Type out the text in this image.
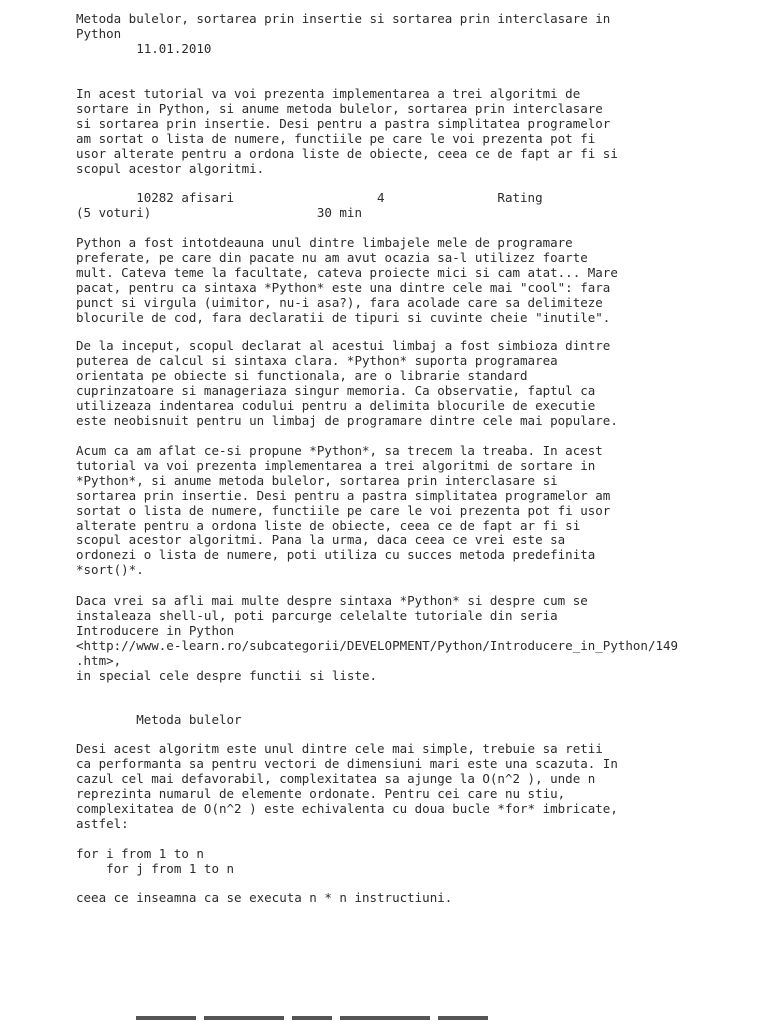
Metoda bulelor, sortarea prin insertie si sortarea prin interclasare in
Python
11.01.2010
In acest tutorial va voi prezenta implementarea a trei algoritmi de
sortare in Python, si anume metoda bulelor, sortarea prin interclasare
si sortarea prin insertie. Desi pentru a pastra simplitatea programelor
am sortat o lista de numere, functiile pe care le voi prezenta pot fi
usor alterate pentru a ordona liste de obiecte, ceea ce de fapt ar fi si
scopul acestor algoritmi.
10282 afisari                   4               Rating
(5 voturi)                      30 min
Python a fost intotdeauna unul dintre limbajele mele de programare
preferate, pe care din pacate nu am avut ocazia sa-l utilizez foarte
mult. Cateva teme la facultate, cateva proiecte mici si cam atat... Mare
pacat, pentru ca sintaxa *Python* este una dintre cele mai "cool": fara
punct si virgula (uimitor, nu-i asa?), fara acolade care sa delimiteze
blocurile de cod, fara declaratii de tipuri si cuvinte cheie "inutile".
De la inceput, scopul declarat al acestui limbaj a fost simbioza dintre
puterea de calcul si sintaxa clara. *Python* suporta programarea
orientata pe obiecte si functionala, are o librarie standard
cuprinzatoare si manageriaza singur memoria. Ca observatie, faptul ca
utilizeaza indentarea codului pentru a delimita blocurile de executie
este neobisnuit pentru un limbaj de programare dintre cele mai populare.
Acum ca am aflat ce-si propune *Python*, sa trecem la treaba. In acest
tutorial va voi prezenta implementarea a trei algoritmi de sortare in
*Python*, si anume metoda bulelor, sortarea prin interclasare si
sortarea prin insertie. Desi pentru a pastra simplitatea programelor am
sortat o lista de numere, functiile pe care le voi prezenta pot fi usor
alterate pentru a ordona liste de obiecte, ceea ce de fapt ar fi si
scopul acestor algoritmi. Pana la urma, daca ceea ce vrei este sa
ordonezi o lista de numere, poti utiliza cu succes metoda predefinita
*sort()*.
Daca vrei sa afli mai multe despre sintaxa *Python* si despre cum se
instaleaza shell-ul, poti parcurge celelalte tutoriale din seria
Introducere in Python
<http://www.e-learn.ro/subcategorii/DEVELOPMENT/Python/Introducere_in_Python/149
.htm>,
in special cele despre functii si liste.
Metoda bulelor
Desi acest algoritm este unul dintre cele mai simple, trebuie sa retii
ca performanta sa pentru vectori de dimensiuni mari este una scazuta. In
cazul cel mai defavorabil, complexitatea sa ajunge la O(n^2 ), unde n
reprezinta numarul de elemente ordonate. Pentru cei care nu stiu,
complexitatea de O(n^2 ) este echivalenta cu doua bucle *for* imbricate,
astfel:
for i from 1 to n
for j from 1 to n
ceea ce inseamna ca se executa n * n instructiuni.
